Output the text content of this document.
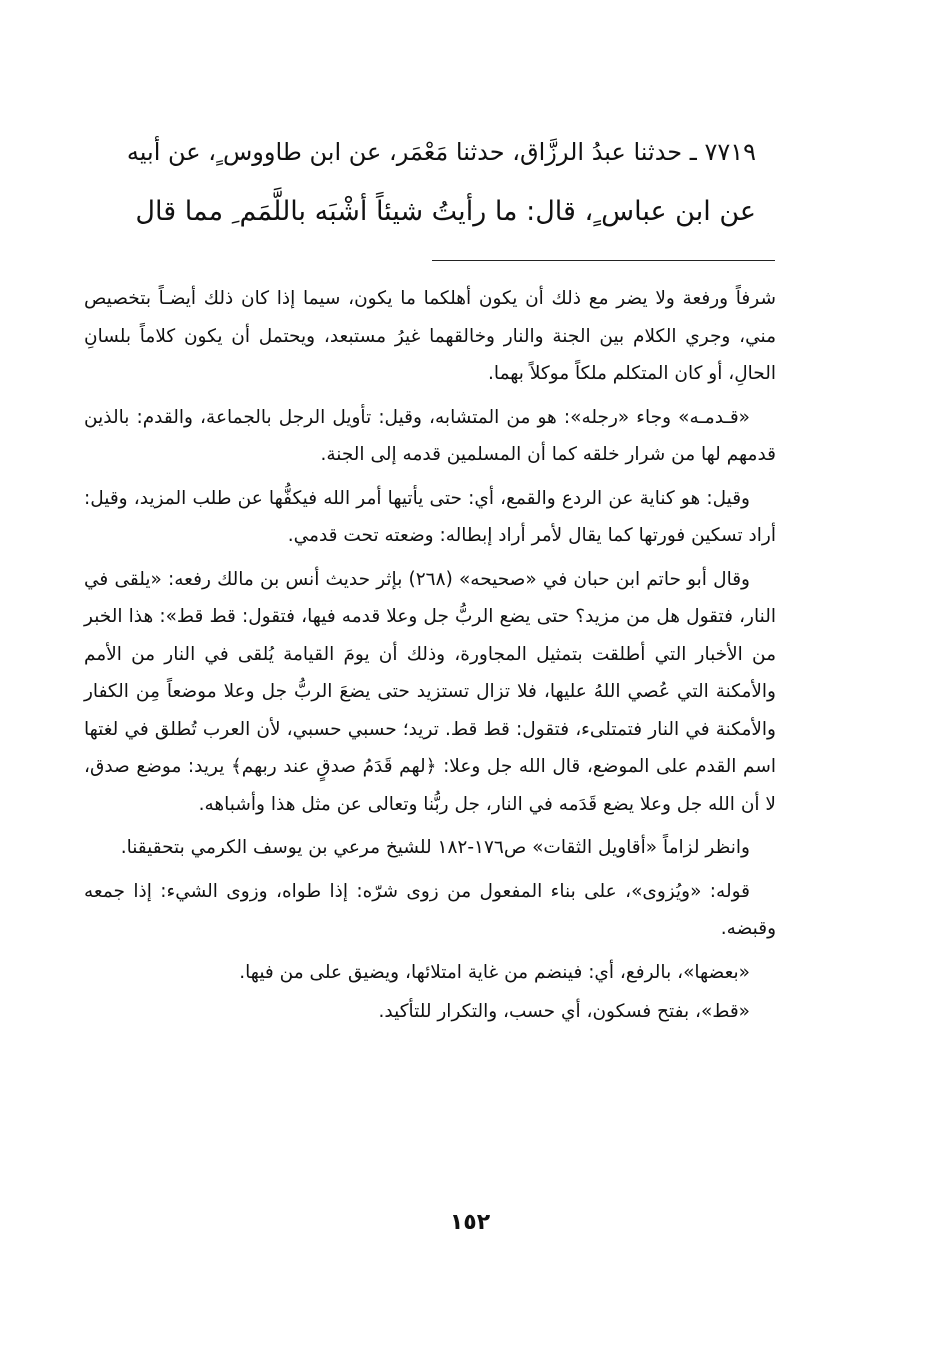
٧٧١٩ ـ حدثنا عبدُ الرزَّاق، حدثنا مَعْمَر، عن ابن طاووس ٍ، عن أبيه
عن ابن عباس ٍ، قال: ما رأيتُ شيئاً أشْبَه باللَّمَم ِ مما قال

شرفاً ورفعة ولا يضر مع ذلك أن يكون أهلكما ما يكون، سيما إذا كان ذلك أيضـاً بتخصيص مني، وجري الكلام بين الجنة والنار وخالقهما غيرُ مستبعد، ويحتمل أن يكون كلاماً بلسانِ الحالِ، أو كان المتكلم ملكاً موكلاً بهما.

«قـدمـه» وجاء «رجله»: هو من المتشابه، وقيل: تأويل الرجل بالجماعة، والقدم: بالذين قدمهم لها من شرار خلقه كما أن المسلمين قدمه إلى الجنة.

وقيل: هو كناية عن الردع والقمع، أي: حتى يأتيها أمر الله فيكفُّها عن طلب المزيد، وقيل: أراد تسكين فورتها كما يقال لأمر أراد إبطاله: وضعته تحت قدمي.

وقال أبو حاتم ابن حبان في «صحيحه» (٢٦٨) بإثر حديث أنس بن مالك رفعه: «يلقى في النار، فتقول هل من مزيد؟ حتى يضع الربُّ جل وعلا قدمه فيها، فتقول: قط قط»: هذا الخبر من الأخبار التي أطلقت بتمثيل المجاورة، وذلك أن يومَ القيامة يُلقى في النار من الأمم والأمكنة التي عُصي اللهُ عليها، فلا تزال تستزيد حتى يضعَ الربُّ جل وعلا موضعاً مِن الكفار والأمكنة في النار فتمتلىء، فتقول: قط قط. تريد؛ حسبي حسبي، لأن العرب تُطلق في لغتها اسم القدم على الموضع، قال الله جل وعلا: ﴿لهم قَدَمُ صدقٍ عند ربهم﴾ يريد: موضع صدق، لا أن الله جل وعلا يضع قَدَمه في النار، جل ربُّنا وتعالى عن مثل هذا وأشباهه.

وانظر لزاماً «أقاويل الثقات» ص١٧٦-١٨٢ للشيخ مرعي بن يوسف الكرمي بتحقيقنا.

قوله: «ويُزوى»، على بناء المفعول من زوى شرّه: إذا طواه، وزوى الشيء: إذا جمعه وقبضه.

«بعضها»، بالرفع، أي: فينضم من غاية امتلائها، ويضيق على من فيها.

«قط»، بفتح فسكون، أي حسب، والتكرار للتأكيد.

١٥٢
